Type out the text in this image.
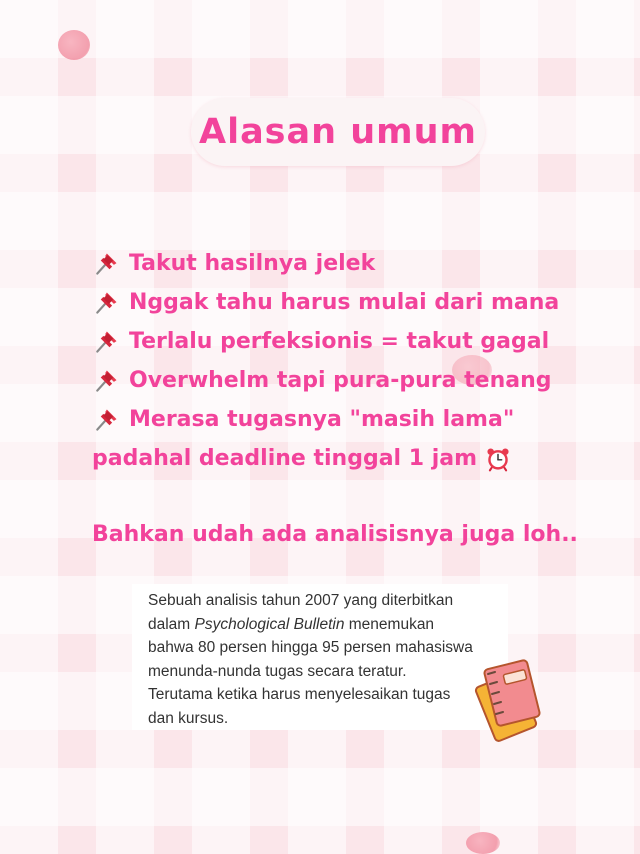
Alasan umum
Takut hasilnya jelek
Nggak tahu harus mulai dari mana
Terlalu perfeksionis = takut gagal
Overwhelm tapi pura-pura tenang
Merasa tugasnya "masih lama"
padahal deadline tinggal 1 jam
Bahkan udah ada analisisnya juga loh..

Sebuah analisis tahun 2007 yang diterbitkan

dalam Psychological Bulletin menemukan

bahwa 80 persen hingga 95 persen mahasiswa

menunda-nunda tugas secara teratur.

Terutama ketika harus menyelesaikan tugas

dan kursus.
